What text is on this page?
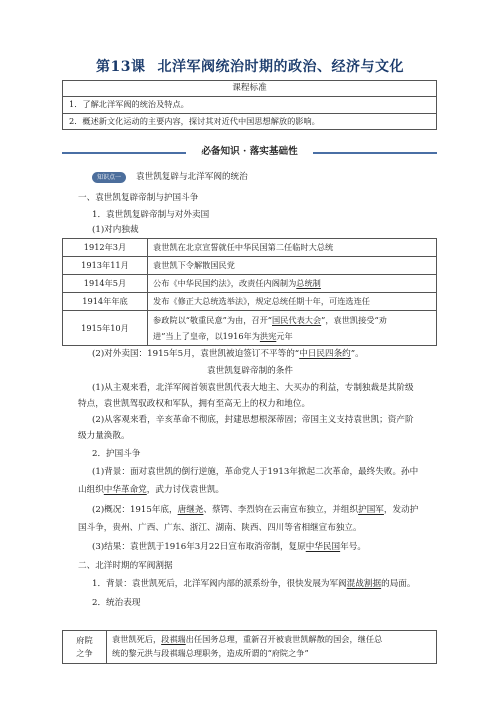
第13课 北洋军阀统治时期的政治、经济与文化
课程标准
1．了解北洋军阀的统治及特点。
2．概述新文化运动的主要内容，探讨其对近代中国思想解放的影响。
必备知识 · 落实基础性
知识点一	袁世凯复辟与北洋军阀的统治
一、袁世凯复辟帝制与护国斗争
1．袁世凯复辟帝制与对外卖国
(1)对内独裁
1912年3月	袁世凯在北京宣誓就任中华民国第二任临时大总统
1913年11月	袁世凯下令解散国民党
1914年5月	公布《中华民国约法》，改责任内阁制为总统制
1914年年底	发布《修正大总统选举法》，规定总统任期十年，可连选连任
1915年10月	参政院以“敬重民意”为由，召开“国民代表大会”，袁世凯接受“劝
进”当上了皇帝，以1916年为洪宪元年
(2)对外卖国：1915年5月，袁世凯被迫签订不平等的“中日民四条约”。
袁世凯复辟帝制的条件
(1)从主观来看，北洋军阀首领袁世凯代表大地主、大买办的利益，专制独裁是其阶级
特点，袁世凯驾驭政权和军队，拥有至高无上的权力和地位。
(2)从客观来看，辛亥革命不彻底，封建思想根深蒂固；帝国主义支持袁世凯；资产阶
级力量涣散。
2．护国斗争
(1)背景：面对袁世凯的倒行逆施，革命党人于1913年掀起二次革命，最终失败。孙中
山组织中华革命党，武力讨伐袁世凯。
(2)概况：1915年底，唐继尧、蔡锷、李烈钧在云南宣布独立，并组织护国军，发动护
国斗争，贵州、广西、广东、浙江、湖南、陕西、四川等省相继宣布独立。
(3)结果：袁世凯于1916年3月22日宣布取消帝制，复原中华民国年号。
二、北洋时期的军阀割据
1．背景：袁世凯死后，北洋军阀内部的派系纷争，很快发展为军阀混战割据的局面。
2．统治表现
府院
之争	袁世凯死后，段祺瑞出任国务总理，重新召开被袁世凯解散的国会，继任总
统的黎元洪与段祺瑞总理职务，造成所谓的“府院之争”
